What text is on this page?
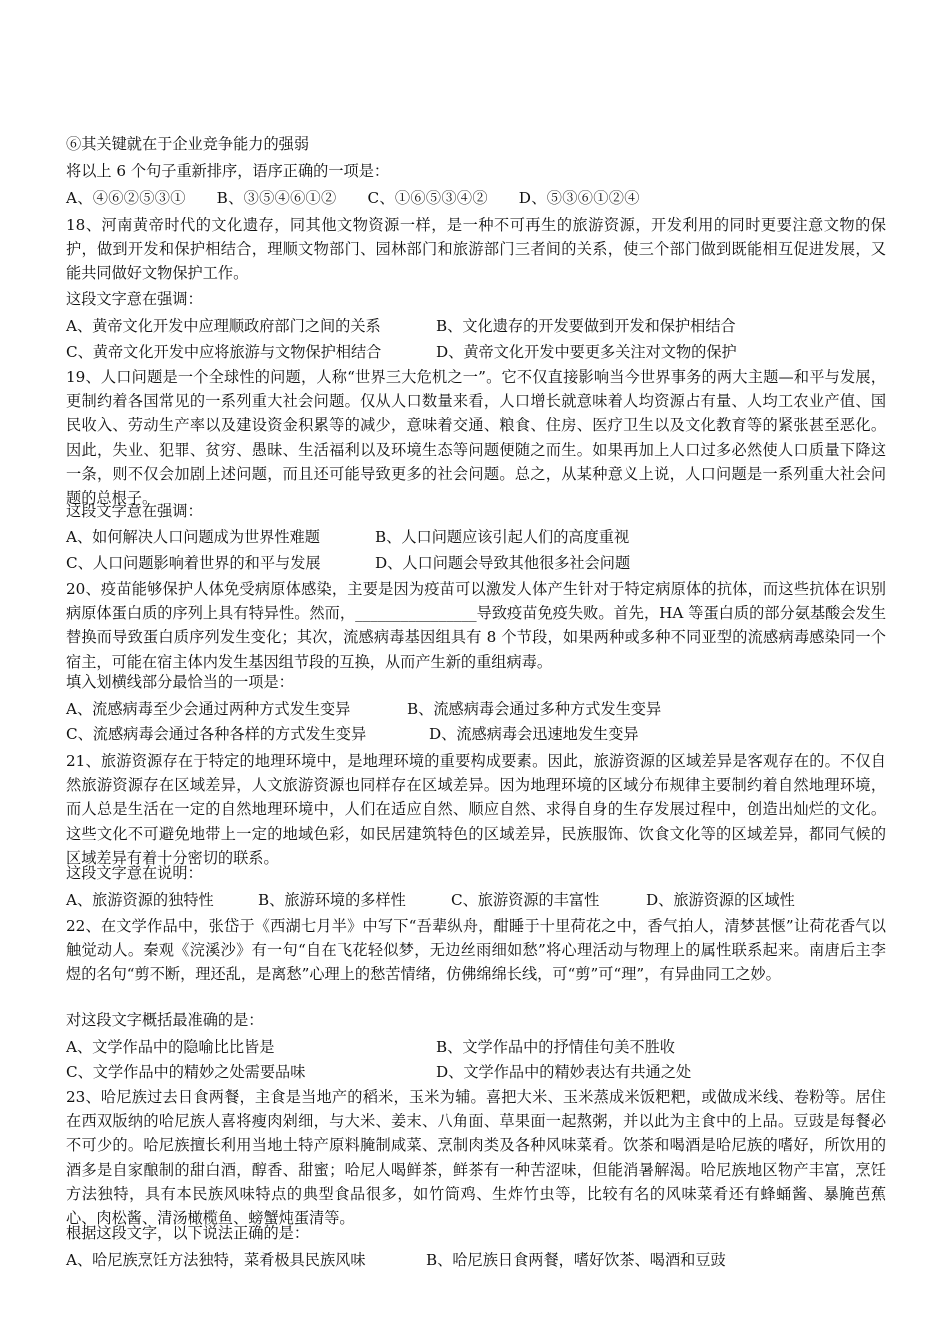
⑥其关键就在于企业竞争能力的强弱
将以上 6 个句子重新排序，语序正确的一项是：
A、④⑥②⑤③①　　B、③⑤④⑥①②　　C、①⑥⑤③④②　　D、⑤③⑥①②④
18、河南黄帝时代的文化遗存，同其他文物资源一样，是一种不可再生的旅游资源，开发利用的同时更要注意文物的保护，做到开发和保护相结合，理顺文物部门、园林部门和旅游部门三者间的关系，使三个部门做到既能相互促进发展，又能共同做好文物保护工作。
这段文字意在强调：
A、黄帝文化开发中应理顺政府部门之间的关系	B、文化遗存的开发要做到开发和保护相结合
C、黄帝文化开发中应将旅游与文物保护相结合	D、黄帝文化开发中要更多关注对文物的保护
19、人口问题是一个全球性的问题，人称“世界三大危机之一”。它不仅直接影响当今世界事务的两大主题—和平与发展，更制约着各国常见的一系列重大社会问题。仅从人口数量来看，人口增长就意味着人均资源占有量、人均工农业产值、国民收入、劳动生产率以及建设资金积累等的减少，意味着交通、粮食、住房、医疗卫生以及文化教育等的紧张甚至恶化。因此，失业、犯罪、贫穷、愚昧、生活福利以及环境生态等问题便随之而生。如果再加上人口过多必然使人口质量下降这一条，则不仅会加剧上述问题，而且还可能导致更多的社会问题。总之，从某种意义上说，人口问题是一系列重大社会问题的总根子。
这段文字意在强调：
A、如何解决人口问题成为世界性难题	B、人口问题应该引起人们的高度重视
C、人口问题影响着世界的和平与发展	D、人口问题会导致其他很多社会问题
20、疫苗能够保护人体免受病原体感染，主要是因为疫苗可以激发人体产生针对于特定病原体的抗体，而这些抗体在识别病原体蛋白质的序列上具有特异性。然而，________________导致疫苗免疫失败。首先，HA 等蛋白质的部分氨基酸会发生替换而导致蛋白质序列发生变化；其次，流感病毒基因组具有 8 个节段，如果两种或多种不同亚型的流感病毒感染同一个宿主，可能在宿主体内发生基因组节段的互换，从而产生新的重组病毒。
填入划横线部分最恰当的一项是：
A、流感病毒至少会通过两种方式发生变异	B、流感病毒会通过多种方式发生变异
C、流感病毒会通过各种各样的方式发生变异	D、流感病毒会迅速地发生变异
21、旅游资源存在于特定的地理环境中，是地理环境的重要构成要素。因此，旅游资源的区域差异是客观存在的。不仅自然旅游资源存在区域差异，人文旅游资源也同样存在区域差异。因为地理环境的区域分布规律主要制约着自然地理环境，而人总是生活在一定的自然地理环境中，人们在适应自然、顺应自然、求得自身的生存发展过程中，创造出灿烂的文化。这些文化不可避免地带上一定的地域色彩，如民居建筑特色的区域差异，民族服饰、饮食文化等的区域差异，都同气候的区域差异有着十分密切的联系。
这段文字意在说明：
A、旅游资源的独特性	B、旅游环境的多样性	C、旅游资源的丰富性	D、旅游资源的区域性
22、在文学作品中，张岱于《西湖七月半》中写下“吾辈纵舟，酣睡于十里荷花之中，香气拍人，清梦甚惬”让荷花香气以触觉动人。秦观《浣溪沙》有一句“自在飞花轻似梦，无边丝雨细如愁”将心理活动与物理上的属性联系起来。南唐后主李煜的名句“剪不断，理还乱，是离愁”心理上的愁苦情绪，仿佛绵绵长线，可“剪”可“理”，有异曲同工之妙。
对这段文字概括最准确的是：
A、文学作品中的隐喻比比皆是	B、文学作品中的抒情佳句美不胜收
C、文学作品中的精妙之处需要品味	D、文学作品中的精妙表达有共通之处
23、哈尼族过去日食两餐，主食是当地产的稻米，玉米为辅。喜把大米、玉米蒸成米饭粑粑，或做成米线、卷粉等。居住在西双版纳的哈尼族人喜将瘦肉剁细，与大米、姜末、八角面、草果面一起熬粥，并以此为主食中的上品。豆豉是每餐必不可少的。哈尼族擅长利用当地土特产原料腌制咸菜、烹制肉类及各种风味菜肴。饮茶和喝酒是哈尼族的嗜好，所饮用的酒多是自家酿制的甜白酒，醇香、甜蜜；哈尼人喝鲜茶，鲜茶有一种苦涩味，但能消暑解渴。哈尼族地区物产丰富，烹饪方法独特，具有本民族风味特点的典型食品很多，如竹筒鸡、生炸竹虫等，比较有名的风味菜肴还有蜂蛹酱、暴腌芭蕉心、肉松酱、清汤橄榄鱼、螃蟹炖蛋清等。
根据这段文字，以下说法正确的是：
A、哈尼族烹饪方法独特，菜肴极具民族风味	B、哈尼族日食两餐，嗜好饮茶、喝酒和豆豉
